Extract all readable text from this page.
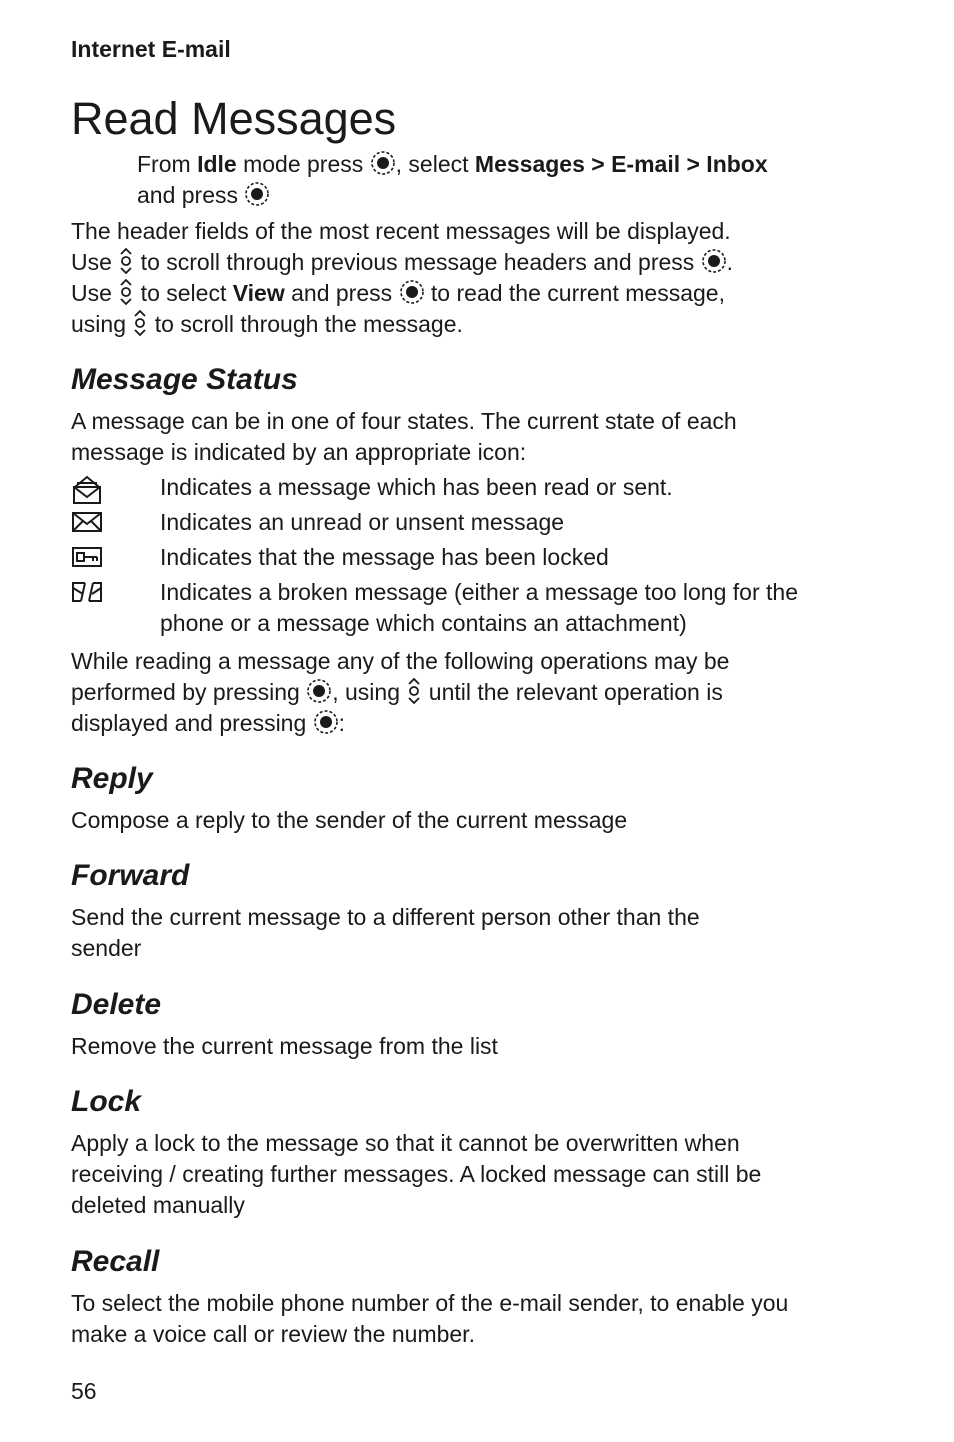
Internet E-mail
Read Messages
From Idle mode press
, select Messages > E-mail > Inbox
and press
The header fields of the most recent messages will be displayed.
Use
to scroll through previous message headers and press
.
Use
to select View and press
to read the current message,
using
to scroll through the message.
Message Status

A message can be in one of four states. The current state of each message is indicated by an appropriate icon:

Indicates a message which has been read or sent.
Indicates an unread or unsent message
Indicates that the message has been locked
Indicates a broken message (either a message too long for the phone or a message which contains an attachment)
While reading a message any of the following operations may be performed by pressing
, using
until the relevant operation is displayed and pressing
:
Reply

Compose a reply to the sender of the current message

Forward

Send the current message to a different person other than the sender

Delete

Remove the current message from the list

Lock

Apply a lock to the message so that it cannot be overwritten when receiving / creating further messages. A locked message can still be deleted manually

Recall

To select the mobile phone number of the e-mail sender, to enable you make a voice call or review the number.

56
